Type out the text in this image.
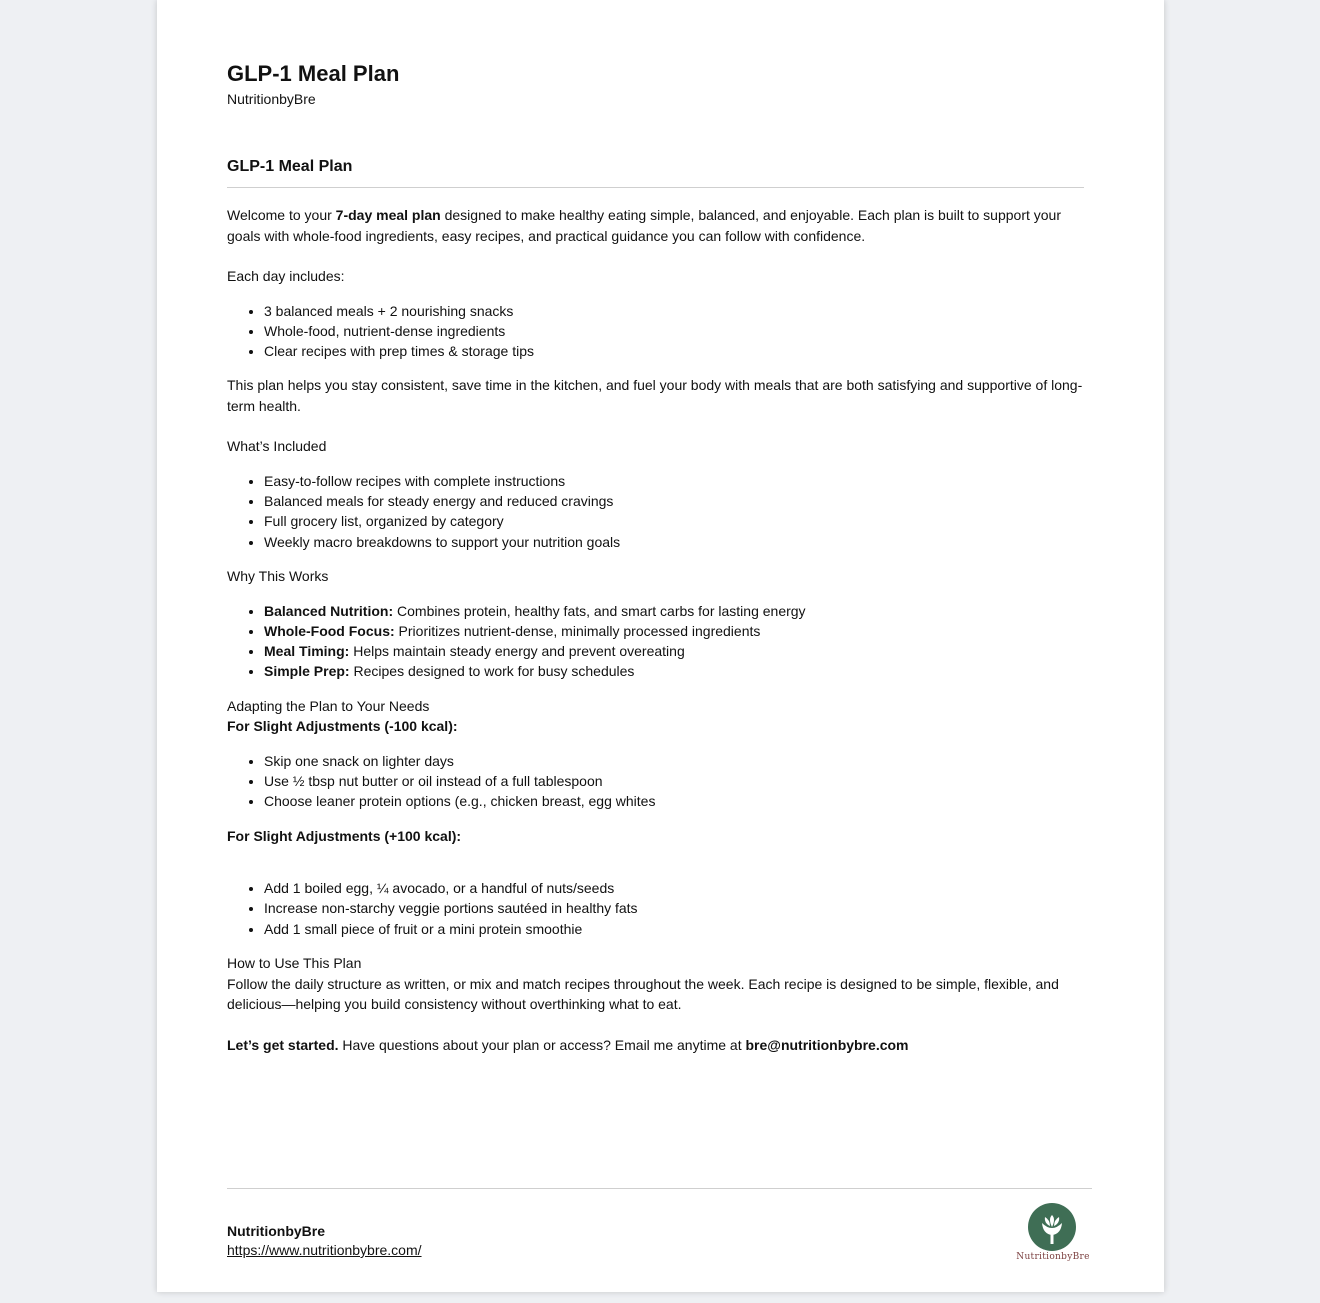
GLP-1 Meal Plan
NutritionbyBre
GLP-1 Meal Plan

Welcome to your 7-day meal plan designed to make healthy eating simple, balanced, and enjoyable. Each plan is built to support your goals with whole-food ingredients, easy recipes, and practical guidance you can follow with confidence.

Each day includes:

• 3 balanced meals + 2 nourishing snacks
• Whole-food, nutrient-dense ingredients
• Clear recipes with prep times & storage tips

This plan helps you stay consistent, save time in the kitchen, and fuel your body with meals that are both satisfying and supportive of long-term health.

What’s Included

• Easy-to-follow recipes with complete instructions
• Balanced meals for steady energy and reduced cravings
• Full grocery list, organized by category
• Weekly macro breakdowns to support your nutrition goals

Why This Works

• Balanced Nutrition: Combines protein, healthy fats, and smart carbs for lasting energy
• Whole-Food Focus: Prioritizes nutrient-dense, minimally processed ingredients
• Meal Timing: Helps maintain steady energy and prevent overeating
• Simple Prep: Recipes designed to work for busy schedules

Adapting the Plan to Your Needs

For Slight Adjustments (-100 kcal):

• Skip one snack on lighter days
• Use ½ tbsp nut butter or oil instead of a full tablespoon
• Choose leaner protein options (e.g., chicken breast, egg whites

For Slight Adjustments (+100 kcal):

• Add 1 boiled egg, ¼ avocado, or a handful of nuts/seeds
• Increase non-starchy veggie portions sautéed in healthy fats
• Add 1 small piece of fruit or a mini protein smoothie

How to Use This Plan

Follow the daily structure as written, or mix and match recipes throughout the week. Each recipe is designed to be simple, flexible, and delicious—helping you build consistency without overthinking what to eat.

Let’s get started. Have questions about your plan or access? Email me anytime at bre@nutritionbybre.com

NutritionbyBre
https://www.nutritionbybre.com/	NutritionbyBre
